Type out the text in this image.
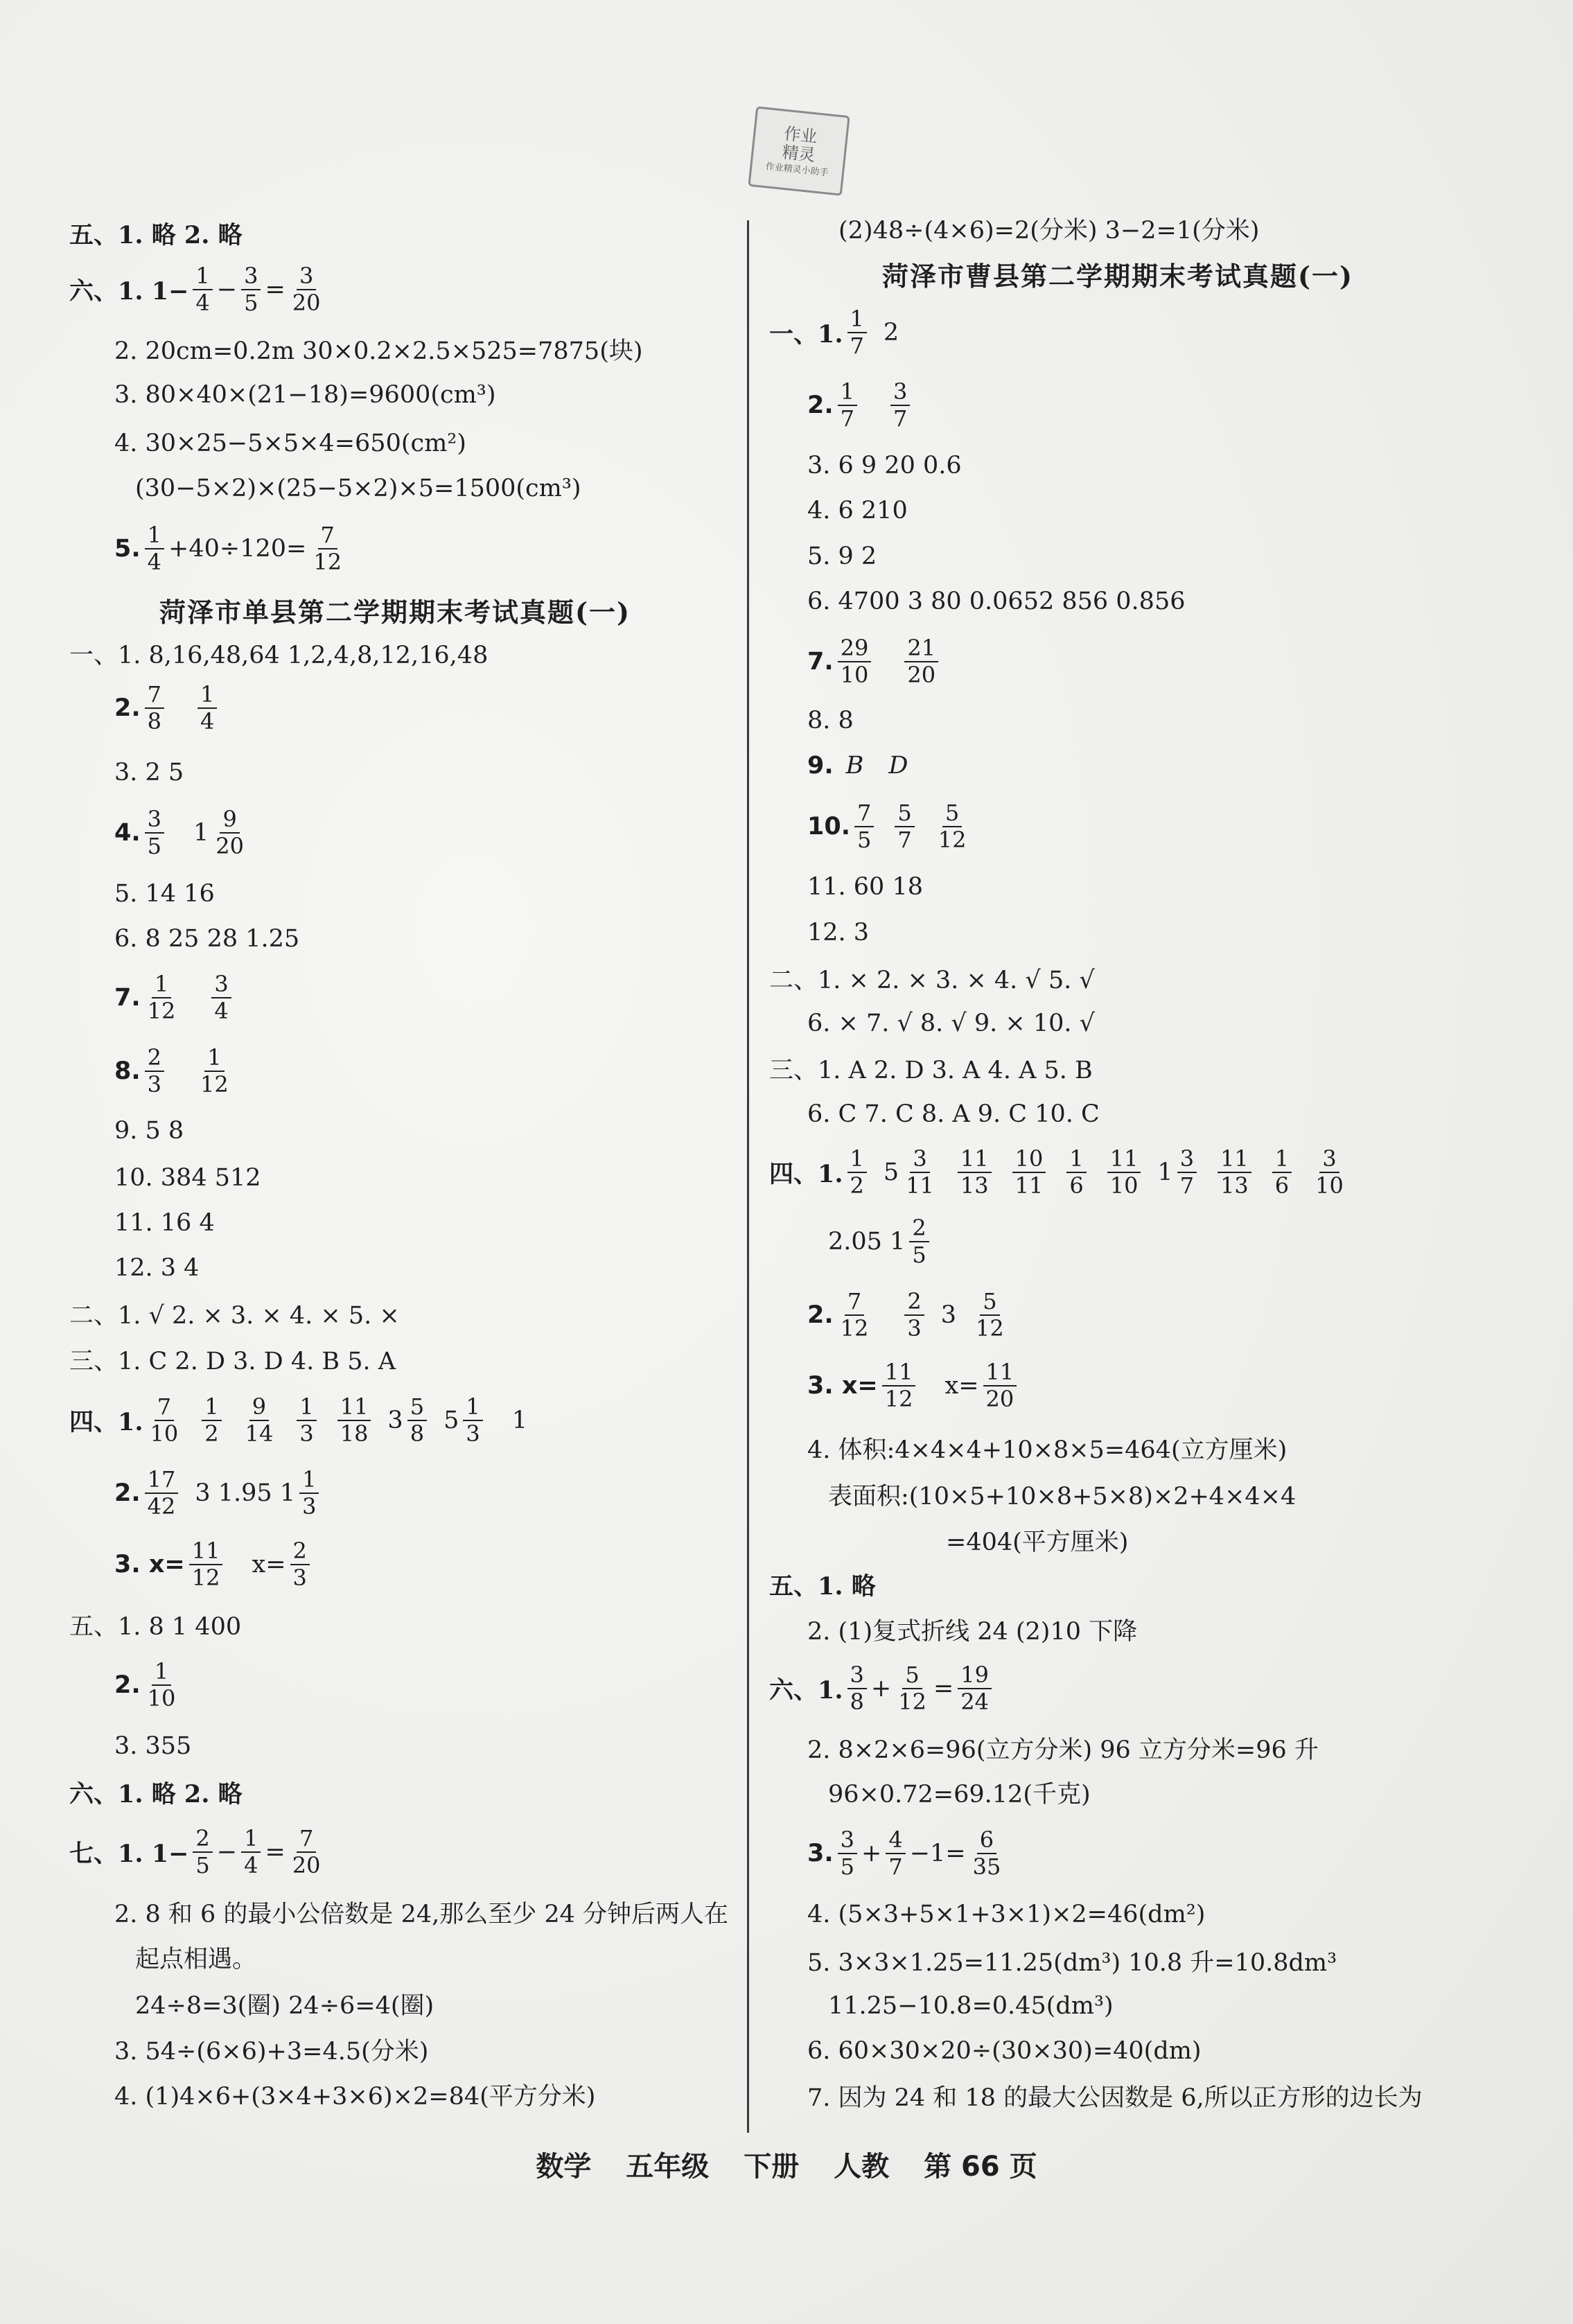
作业
精灵
作业精灵小助手
五、1. 略 2. 略
六、1. $1- \frac{1}{4} - \frac{3}{5} = \frac{3}{20}$
2. 20cm=0.2m 30×0.2×2.5×525=7875(块)
3. 80×40×(21−18)=9600(cm³)
4. 30×25−5×5×4=650(cm²)
(30−5×2)×(25−5×2)×5=1500(cm³)
5. $\frac{1}{4} +40\div 120= \frac{7}{12}$
菏泽市单县第二学期期末考试真题(一)
一、1. 8,16,48,64 1,2,4,8,12,16,48
2. $\frac{7}{8} \frac{1}{4}$
3. 2 5
4. $\frac{3}{5} 1 \frac{9}{20}$
5. 14 16
6. 8 25 28 1.25
7. $\frac{1}{12} \frac{3}{4}$
8. $\frac{2}{3} \frac{1}{12}$
9. 5 8
10. 384 512
11. 16 4
12. 3 4
二、1. √ 2. × 3. × 4. × 5. ×
三、1. C 2. D 3. D 4. B 5. A
四、1. $\frac{7}{10} \frac{1}{2} \frac{9}{14} \frac{1}{3} \frac{11}{18} 3 \frac{5}{8} 5 \frac{1}{3} 1$
2. $\frac{17}{42} 3$ 1.95 $1 \frac{1}{3}$
3. $x= \frac{11}{12} x= \frac{2}{3}$
五、1. 8 1 400
2. $\frac{1}{10}$
3. 355
六、1. 略 2. 略
七、1. $1- \frac{2}{5} - \frac{1}{4} = \frac{7}{20}$
2. 8 和 6 的最小公倍数是 24,那么至少 24 分钟后两人在
起点相遇。
24÷8=3(圈) 24÷6=4(圈)
3. 54÷(6×6)+3=4.5(分米)
4. (1)4×6+(3×4+3×6)×2=84(平方分米)
(2)48÷(4×6)=2(分米) 3−2=1(分米)
菏泽市曹县第二学期期末考试真题(一)
一、1. $\frac{1}{7} 2$
2. $\frac{1}{7} \frac{3}{7}$
3. 6 9 20 0.6
4. 6 210
5. 9 2
6. 4700 3 80 0.0652 856 0.856
7. $\frac{29}{10} \frac{21}{20}$
8. 8
9. B D
10. $\frac{7}{5} \frac{5}{7} \frac{5}{12}$
11. 60 18
12. 3
二、1. × 2. × 3. × 4. √ 5. √
6. × 7. √ 8. √ 9. × 10. √
三、1. A 2. D 3. A 4. A 5. B
6. C 7. C 8. A 9. C 10. C
四、1. $\frac{1}{2} 5 \frac{3}{11} \frac{11}{13} \frac{10}{11} \frac{1}{6} \frac{11}{10} 1 \frac{3}{7} \frac{11}{13} \frac{1}{6} \frac{3}{10}$
2.05 $1 \frac{2}{5}$
2. $\frac{7}{12} \frac{2}{3} 3 \frac{5}{12}$
3. $x= \frac{11}{12} x= \frac{11}{20}$
4. 体积:4×4×4+10×8×5=464(立方厘米)
表面积:(10×5+10×8+5×8)×2+4×4×4
=404(平方厘米)
五、1. 略
2. (1)复式折线 24 (2)10 下降
六、1. $\frac{3}{8} + \frac{5}{12} = \frac{19}{24}$
2. 8×2×6=96(立方分米) 96 立方分米=96 升
96×0.72=69.12(千克)
3. $\frac{3}{5} + \frac{4}{7} -1= \frac{6}{35}$
4. (5×3+5×1+3×1)×2=46(dm²)
5. 3×3×1.25=11.25(dm³) 10.8 升=10.8dm³
11.25−10.8=0.45(dm³)
6. 60×30×20÷(30×30)=40(dm)
7. 因为 24 和 18 的最大公因数是 6,所以正方形的边长为
数学 五年级 下册 人教 第 66 页
